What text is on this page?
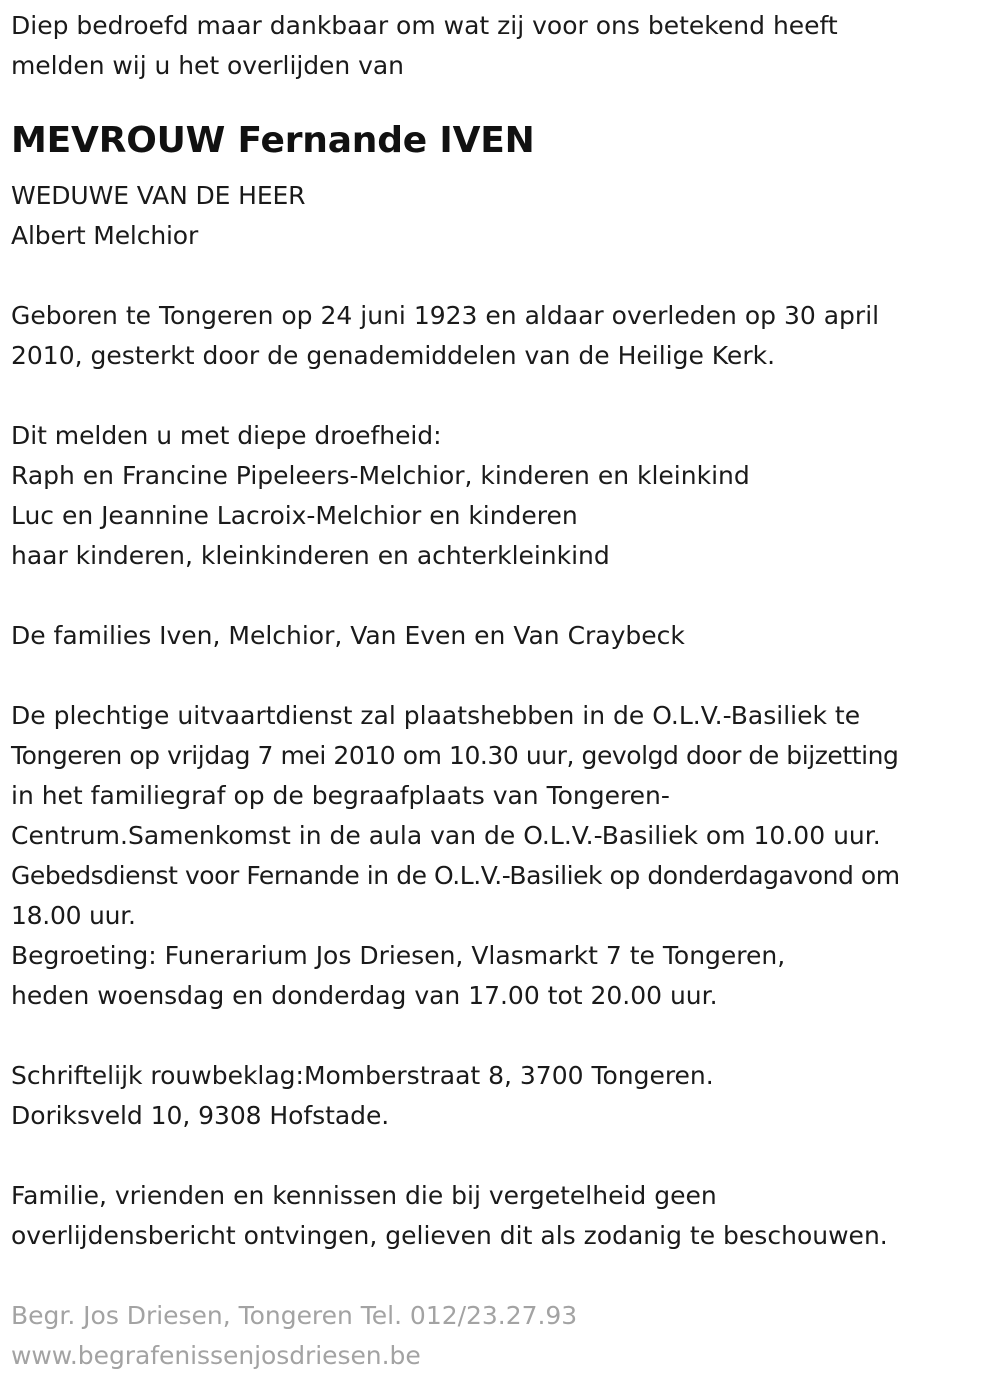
Diep bedroefd maar dankbaar om wat zij voor ons betekend heeft
melden wij u het overlijden van
MEVROUW Fernande IVEN
WEDUWE VAN DE HEER
Albert Melchior
Geboren te Tongeren op 24 juni 1923 en aldaar overleden op 30 april
2010, gesterkt door de genademiddelen van de Heilige Kerk.
Dit melden u met diepe droefheid:
Raph en Francine Pipeleers-Melchior, kinderen en kleinkind
Luc en Jeannine Lacroix-Melchior en kinderen
haar kinderen, kleinkinderen en achterkleinkind
De families Iven, Melchior, Van Even en Van Craybeck
De plechtige uitvaartdienst zal plaatshebben in de O.L.V.-Basiliek te
Tongeren op vrijdag 7 mei 2010 om 10.30 uur, gevolgd door de bijzetting
in het familiegraf op de begraafplaats van Tongeren-
Centrum.Samenkomst in de aula van de O.L.V.-Basiliek om 10.00 uur.
Gebedsdienst voor Fernande in de O.L.V.-Basiliek op donderdagavond om
18.00 uur.
Begroeting: Funerarium Jos Driesen, Vlasmarkt 7 te Tongeren,
heden woensdag en donderdag van 17.00 tot 20.00 uur.
Schriftelijk rouwbeklag:Momberstraat 8, 3700 Tongeren.
Doriksveld 10, 9308 Hofstade.
Familie, vrienden en kennissen die bij vergetelheid geen
overlijdensbericht ontvingen, gelieven dit als zodanig te beschouwen.
Begr. Jos Driesen, Tongeren Tel. 012/23.27.93
www.begrafenissenjosdriesen.be
